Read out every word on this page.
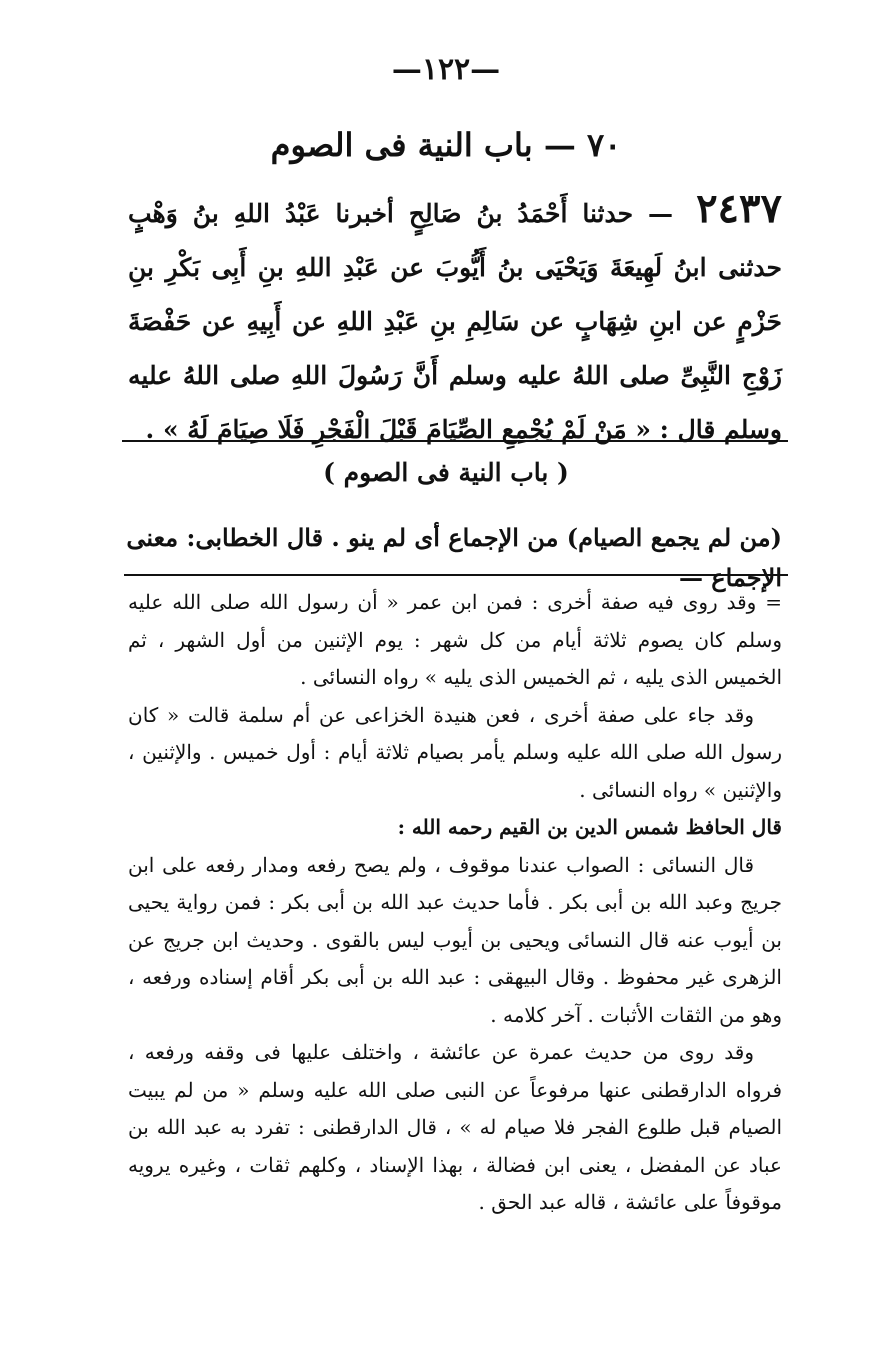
—١٢٢—
٧٠ — باب النية فى الصوم
٢٤٣٧ — حدثنا أَحْمَدُ بنُ صَالِحٍ أخبرنا عَبْدُ اللهِ بنُ وَهْبٍ حدثنى ابنُ لَهِيعَةَ وَيَحْيَى بنُ أَيُّوبَ عن عَبْدِ اللهِ بنِ أَبِى بَكْرِ بنِ حَزْمٍ عن ابنِ شِهَابٍ عن سَالِمِ بنِ عَبْدِ اللهِ عن أَبِيهِ عن حَفْصَةَ زَوْجِ النَّبِىِّ صلى اللهُ عليه وسلم أَنَّ رَسُولَ اللهِ صلى اللهُ عليه وسلم قال : « مَنْ لَمْ يُجْمِعِ الصِّيَامَ قَبْلَ الْفَجْرِ فَلَا صِيَامَ لَهُ » .
( باب النية فى الصوم )
(من لم يجمع الصيام) من الإجماع أى لم ينو . قال الخطابى: معنى الإجماع —

= وقد روى فيه صفة أخرى : فمن ابن عمر « أن رسول الله صلى الله عليه وسلم كان يصوم ثلاثة أيام من كل شهر : يوم الإثنين من أول الشهر ، ثم الخميس الذى يليه ، ثم الخميس الذى يليه » رواه النسائى .

وقد جاء على صفة أخرى ، فعن هنيدة الخزاعى عن أم سلمة قالت « كان رسول الله صلى الله عليه وسلم يأمر بصيام ثلاثة أيام : أول خميس . والإثنين ، والإثنين » رواه النسائى .

قال الحافظ شمس الدين بن القيم رحمه الله :

قال النسائى : الصواب عندنا موقوف ، ولم يصح رفعه ومدار رفعه على ابن جريج وعبد الله بن أبى بكر . فأما حديث عبد الله بن أبى بكر : فمن رواية يحيى بن أيوب عنه قال النسائى ويحيى بن أيوب ليس بالقوى . وحديث ابن جريج عن الزهرى غير محفوظ . وقال البيهقى : عبد الله بن أبى بكر أقام إسناده ورفعه ، وهو من الثقات الأثبات . آخر كلامه .

وقد روى من حديث عمرة عن عائشة ، واختلف عليها فى وقفه ورفعه ، فرواه الدارقطنى عنها مرفوعاً عن النبى صلى الله عليه وسلم « من لم يبيت الصيام قبل طلوع الفجر فلا صيام له » ، قال الدارقطنى : تفرد به عبد الله بن عباد عن المفضل ، يعنى ابن فضالة ، بهذا الإسناد ، وكلهم ثقات ، وغيره يرويه موقوفاً على عائشة ، قاله عبد الحق .
